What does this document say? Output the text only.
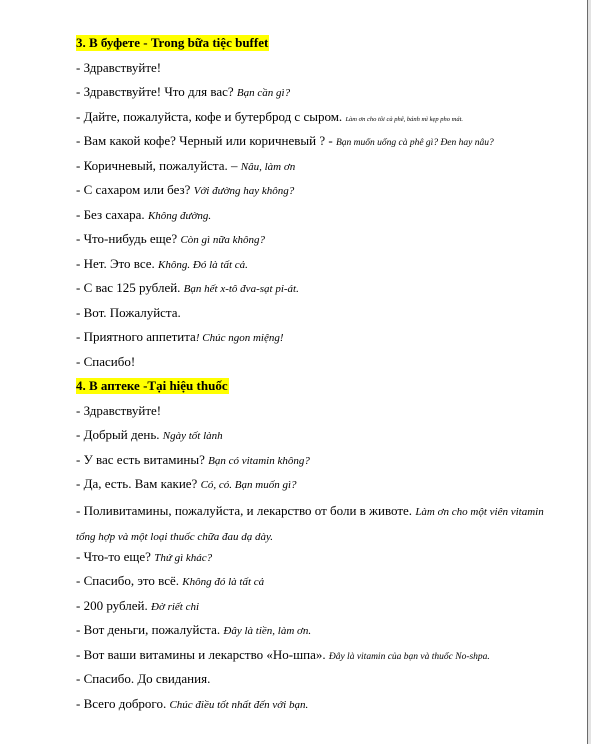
3. В буфете - Trong bữa tiệc buffet
- Здравствуйте!
- Здравствуйте! Что для вас? Bạn cần gì?
- Дайте, пожалуйста, кофе и бутерброд с сыром. Làm ơn cho tôi cà phê, bánh mì kẹp pho mát.
- Вам какой кофе? Черный или коричневый ? - Bạn muốn uống cà phê gì? Đen hay nâu?
- Коричневый, пожалуйста. – Nâu, làm ơn
- С сахаром или без? Với đường hay không?
- Без сахара. Không đường.
- Что-нибудь еще? Còn gì nữa không?
- Нет. Это все. Không. Đó là tất cả.
- С вас 125 рублей. Bạn hết x-tô đva-sạt pi-át.
- Вот. Пожалуйста.
- Приятного аппетита! Chúc ngon miệng!
- Спасибо!
4. В аптеке -Tại hiệu thuốc
- Здравствуйте!
- Добрый день. Ngày tốt lành
- У вас есть витамины? Bạn có vitamin không?
- Да, есть. Вам какие? Có, có. Bạn muốn gì?
- Поливитамины, пожалуйста, и лекарство от боли в животе. Làm ơn cho một viên vitamin tổng hợp và một loại thuốc chữa đau dạ dày.
- Что-то еще? Thứ gì khác?
- Спасибо, это всё. Không đó là tất cả
- 200 рублей. Đờ riết chi
- Вот деньги, пожалуйста. Đây là tiền, làm ơn.
- Вот ваши витамины и лекарство «Но-шпа». Đây là vitamin của bạn và thuốc No-shpa.
- Спасибо. До свидания.
- Всего доброго. Chúc điều tốt nhất đến với bạn.
